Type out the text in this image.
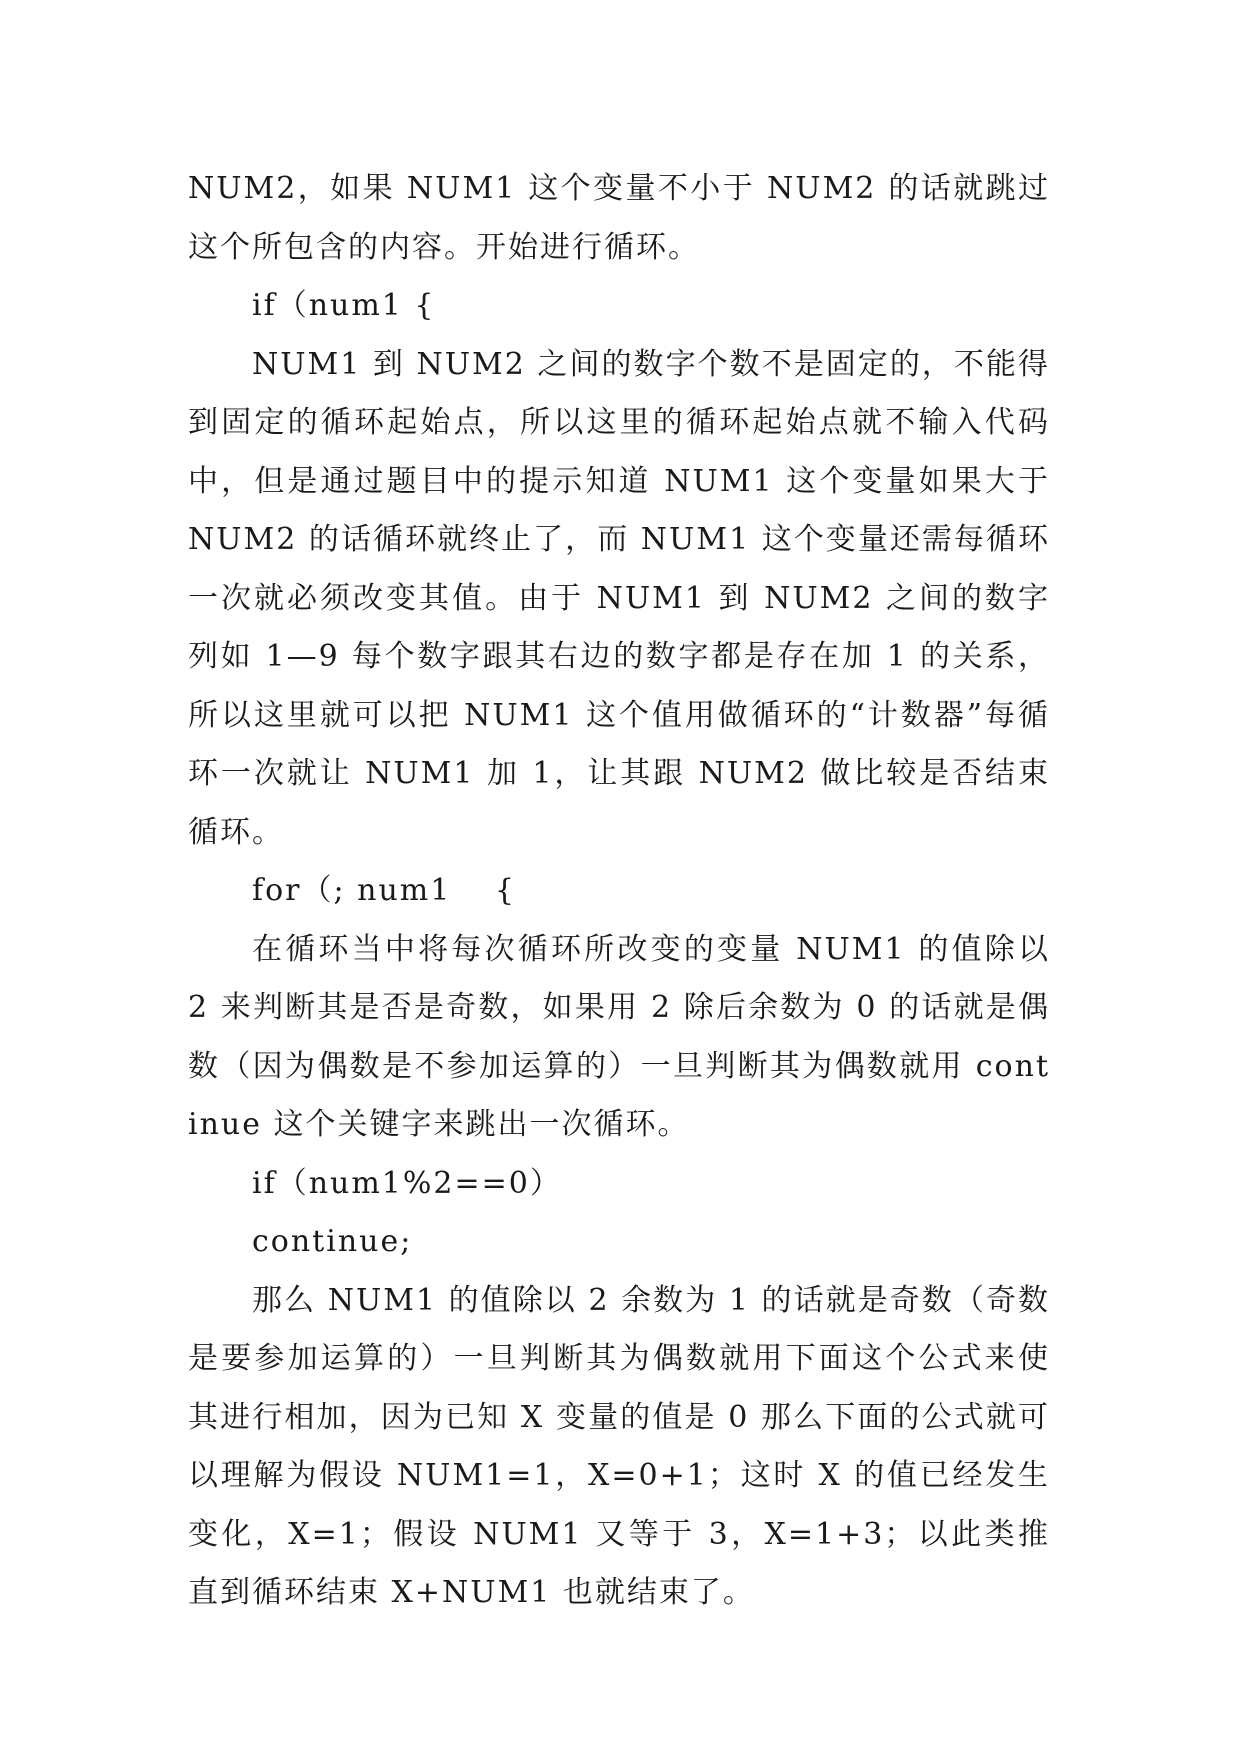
NUM2，如果 NUM1 这个变量不小于 NUM2 的话就跳过这个所包含的内容。开始进行循环。

if（num1 {

NUM1 到 NUM2 之间的数字个数不是固定的，不能得到固定的循环起始点，所以这里的循环起始点就不输入代码中，但是通过题目中的提示知道 NUM1 这个变量如果大于 NUM2 的话循环就终止了，而 NUM1 这个变量还需每循环一次就必须改变其值。由于 NUM1 到 NUM2 之间的数字列如 1—9 每个数字跟其右边的数字都是存在加 1 的关系，所以这里就可以把 NUM1 这个值用做循环的“计数器”每循环一次就让 NUM1 加 1，让其跟 NUM2 做比较是否结束循环。

for（; num1　 {

在循环当中将每次循环所改变的变量 NUM1 的值除以 2 来判断其是否是奇数，如果用 2 除后余数为 0 的话就是偶数（因为偶数是不参加运算的）一旦判断其为偶数就用 continue 这个关键字来跳出一次循环。

if（num1%2==0）

continue;

那么 NUM1 的值除以 2 余数为 1 的话就是奇数（奇数是要参加运算的）一旦判断其为偶数就用下面这个公式来使其进行相加，因为已知 X 变量的值是 0 那么下面的公式就可以理解为假设 NUM1=1，X=0+1；这时 X 的值已经发生变化，X=1；假设 NUM1 又等于 3，X=1+3；以此类推直到循环结束 X+NUM1 也就结束了。
